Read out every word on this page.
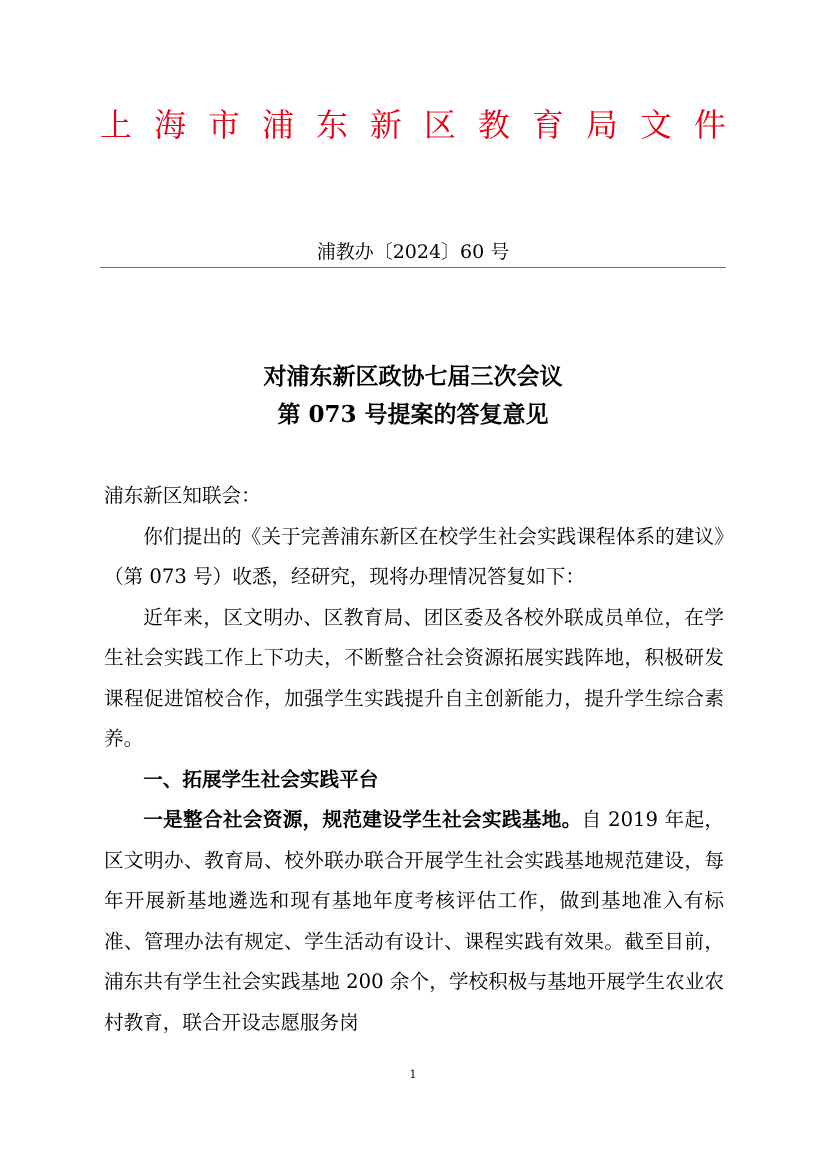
上 海 市 浦 东 新 区 教 育 局 文 件
浦教办〔2024〕60 号
对浦东新区政协七届三次会议
第 073 号提案的答复意见

浦东新区知联会：

你们提出的《关于完善浦东新区在校学生社会实践课程体系的建议》（第 073 号）收悉，经研究，现将办理情况答复如下：

近年来，区文明办、区教育局、团区委及各校外联成员单位，在学生社会实践工作上下功夫，不断整合社会资源拓展实践阵地，积极研发课程促进馆校合作，加强学生实践提升自主创新能力，提升学生综合素养。

一、拓展学生社会实践平台

一是整合社会资源，规范建设学生社会实践基地。自 2019 年起，区文明办、教育局、校外联办联合开展学生社会实践基地规范建设，每年开展新基地遴选和现有基地年度考核评估工作，做到基地准入有标准、管理办法有规定、学生活动有设计、课程实践有效果。截至目前，浦东共有学生社会实践基地 200 余个，学校积极与基地开展学生农业农村教育，联合开设志愿服务岗

1
